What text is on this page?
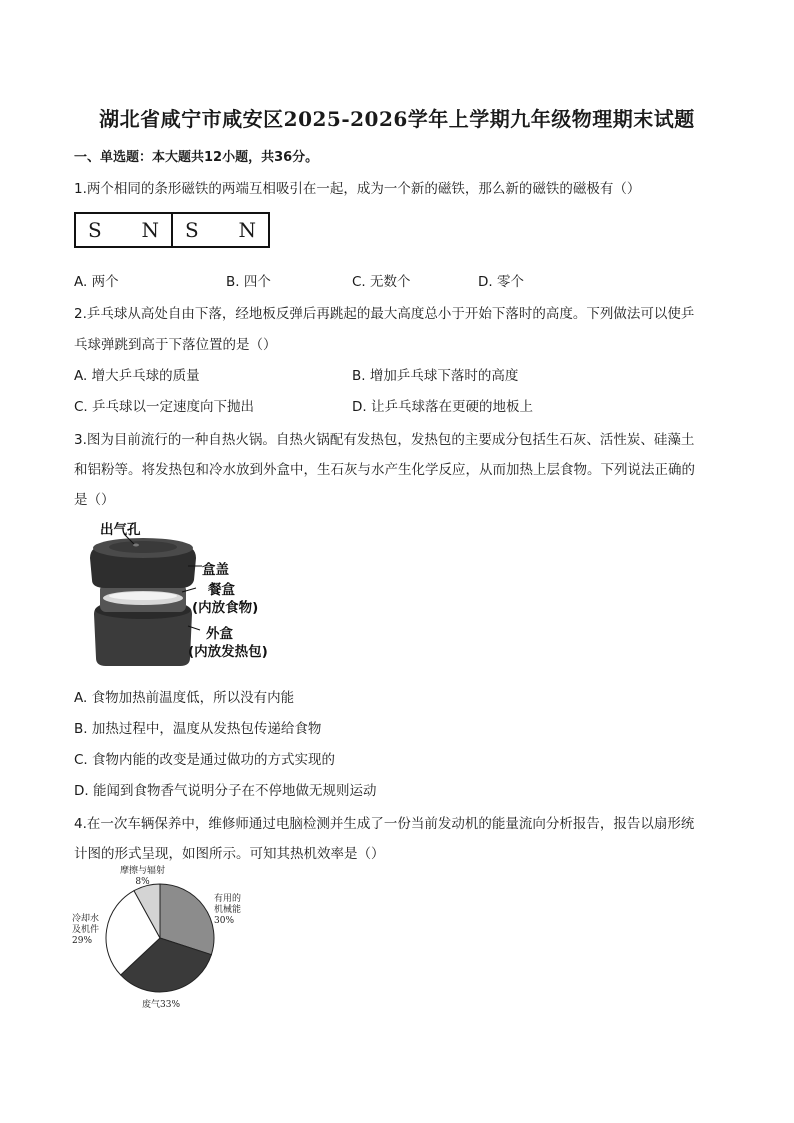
湖北省咸宁市咸安区2025-2026学年上学期九年级物理期末试题
一、单选题：本大题共12小题，共36分。
1.两个相同的条形磁铁的两端互相吸引在一起，成为一个新的磁铁，那么新的磁铁的磁极有（）
S N S N
A. 两个	B. 四个	C. 无数个	D. 零个
2.乒乓球从高处自由下落，经地板反弹后再跳起的最大高度总小于开始下落时的高度。下列做法可以使乒
乓球弹跳到高于下落位置的是（）
A. 增大乒乓球的质量	B. 增加乒乓球下落时的高度
C. 乒乓球以一定速度向下抛出	D. 让乒乓球落在更硬的地板上
3.图为目前流行的一种自热火锅。自热火锅配有发热包，发热包的主要成分包括生石灰、活性炭、硅藻土
和铝粉等。将发热包和冷水放到外盒中，生石灰与水产生化学反应，从而加热上层食物。下列说法正确的
是（）
出气孔
盒盖
餐盒
(内放食物)
外盒
(内放发热包)
A. 食物加热前温度低，所以没有内能
B. 加热过程中，温度从发热包传递给食物
C. 食物内能的改变是通过做功的方式实现的
D. 能闻到食物香气说明分子在不停地做无规则运动
4.在一次车辆保养中，维修师通过电脑检测并生成了一份当前发动机的能量流向分析报告，报告以扇形统
计图的形式呈现，如图所示。可知其热机效率是（）
摩擦与辐射
8%
有用的
机械能
30%
冷却水
及机件
29%
废气33%
